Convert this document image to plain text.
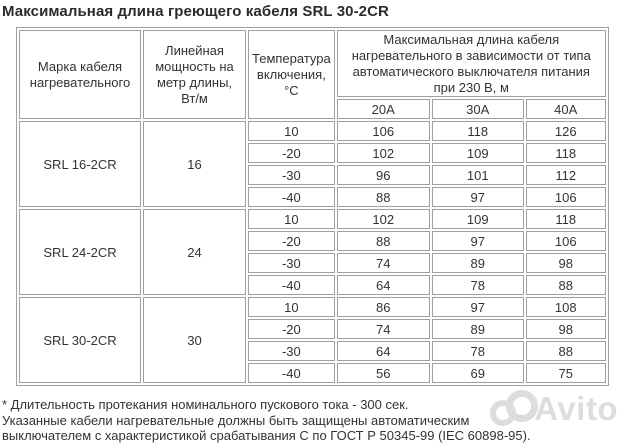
Максимальная длина греющего кабеля SRL 30-2CR
Марка кабеля нагревательного	Линейная мощность на метр длины, Вт/м	Температура включения, °С	Максимальная длина кабеля нагревательного в зависимости от типа автоматического выключателя питания при 230 В, м		
			20А	30А	40А
SRL 16-2CR	16	10	106	118	126
		-20	102	109	118
		-30	96	101	112
		-40	88	97	106
SRL 24-2CR	24	10	102	109	118
		-20	88	97	106
		-30	74	89	98
		-40	64	78	88
SRL 30-2CR	30	10	86	97	108
		-20	74	89	98
		-30	64	78	88
		-40	56	69	75
* Длительность протекания номинального пускового тока - 300 сек.
Указанные кабели нагревательные должны быть защищены автоматическим выключателем с характеристикой срабатывания С по ГОСТ Р 50345-99 (IEC 60898-95).
Avito
